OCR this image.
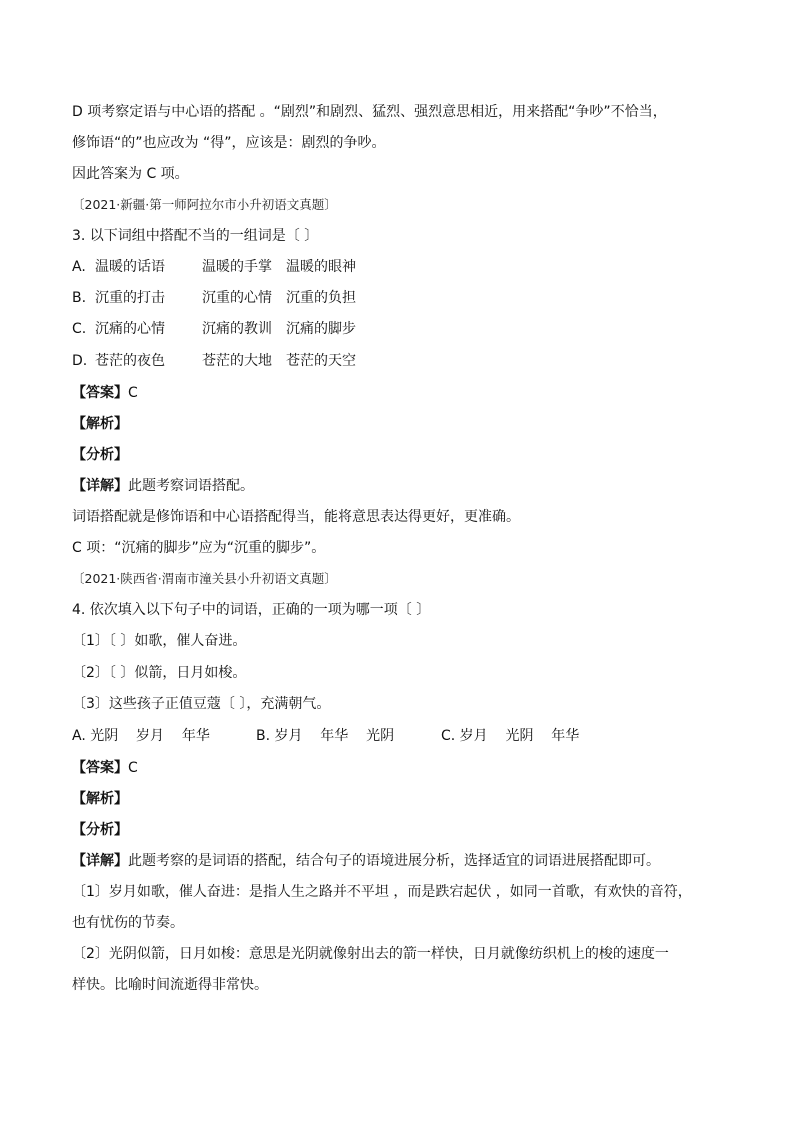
D 项考察定语与中心语的搭配 。“剧烈”和剧烈、猛烈、强烈意思相近，用来搭配“争吵”不恰当，
修饰语“的”也应改为 “得”，应该是：剧烈的争吵。
因此答案为 C 项。
〔2021·新疆·第一师阿拉尔市小升初语文真题〕
3. 以下词组中搭配不当的一组词是〔 〕
A. 温暖的话语	温暖的手掌 温暖的眼神
B. 沉重的打击	沉重的心情 沉重的负担
C. 沉痛的心情	沉痛的教训 沉痛的脚步
D. 苍茫的夜色	苍茫的大地 苍茫的天空
【答案】C
【解析】
【分析】
【详解】此题考察词语搭配。
词语搭配就是修饰语和中心语搭配得当，能将意思表达得更好，更准确。
C 项：“沉痛的脚步”应为“沉重的脚步”。
〔2021·陕西省·渭南市潼关县小升初语文真题〕
4. 依次填入以下句子中的词语，正确的一项为哪一项〔 〕
〔1〕〔 〕如歌，催人奋进。
〔2〕〔 〕似箭，日月如梭。
〔3〕这些孩子正值豆蔻〔 〕，充满朝气。
A. 光阴    岁月    年华	B. 岁月    年华    光阴	C. 岁月    光阴    年华
【答案】C
【解析】
【分析】
【详解】此题考察的是词语的搭配，结合句子的语境进展分析，选择适宜的词语进展搭配即可。
〔1〕岁月如歌，催人奋进：是指人生之路并不平坦 ，而是跌宕起伏 ，如同一首歌，有欢快的音符，
也有忧伤的节奏。
〔2〕光阴似箭，日月如梭：意思是光阴就像射出去的箭一样快，日月就像纺织机上的梭的速度一
样快。比喻时间流逝得非常快。
